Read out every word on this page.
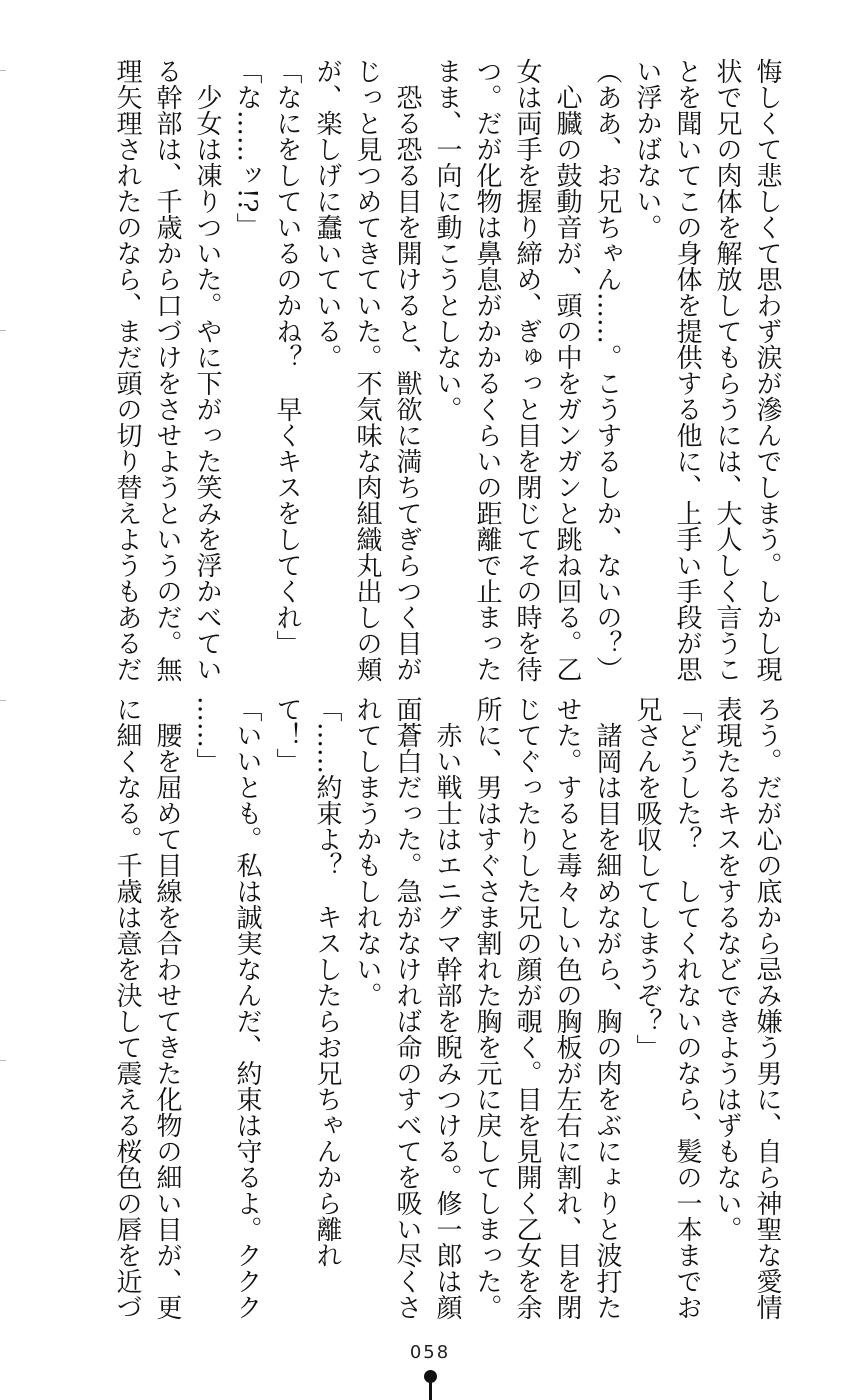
悔しくて悲しくて思わず涙が滲んでしまう。しかし現
状で兄の肉体を解放してもらうには、大人しく言うこ
とを聞いてこの身体を提供する他に、上手い手段が思
い浮かばない。
（ああ、お兄ちゃん……。こうするしか、ないの？）
　心臓の鼓動音が、頭の中をガンガンと跳ね回る。乙
女は両手を握り締め、ぎゅっと目を閉じてその時を待
つ。だが化物は鼻息がかかるくらいの距離で止まった
まま、一向に動こうとしない。
　恐る恐る目を開けると、獣欲に満ちてぎらつく目が
じっと見つめてきていた。不気味な肉組織丸出しの頬
が、楽しげに蠢いている。
「なにをしているのかね？　早くキスをしてくれ」
「な……ッ!?」
　少女は凍りついた。やに下がった笑みを浮かべてい
る幹部は、千歳から口づけをさせようというのだ。無
理矢理されたのなら、まだ頭の切り替えようもあるだ
ろう。だが心の底から忌み嫌う男に、自ら神聖な愛情
表現たるキスをするなどできようはずもない。
「どうした？　してくれないのなら、髪の一本までお
兄さんを吸収してしまうぞ？」
　諸岡は目を細めながら、胸の肉をぶにょりと波打た
せた。すると毒々しい色の胸板が左右に割れ、目を閉
じてぐったりした兄の顔が覗く。目を見開く乙女を余
所に、男はすぐさま割れた胸を元に戻してしまった。
　赤い戦士はエニグマ幹部を睨みつける。修一郎は顔
面蒼白だった。急がなければ命のすべてを吸い尽くさ
れてしまうかもしれない。
「……約束よ？　キスしたらお兄ちゃんから離れ
て！」
「いいとも。私は誠実なんだ、約束は守るよ。ククク
……」
　腰を屈めて目線を合わせてきた化物の細い目が、更
に細くなる。千歳は意を決して震える桜色の唇を近づ
058
